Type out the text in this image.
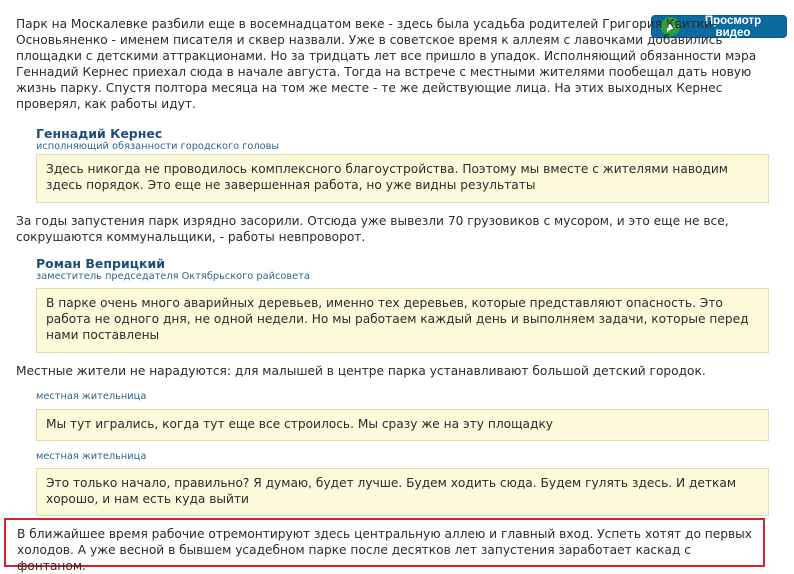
Просмотр видео

Парк на Москалевке разбили еще в восемнадцатом веке - здесь была усадьба родителей Григория Квитки-Основьяненко - именем писателя и сквер назвали. Уже в советское время к аллеям с лавочками добавились площадки с детскими аттракционами. Но за тридцать лет все пришло в упадок. Исполняющий обязанности мэра Геннадий Кернес приехал сюда в начале августа. Тогда на встрече с местными жителями пообещал дать новую жизнь парку. Спустя полтора месяца на том же месте - те же действующие лица. На этих выходных Кернес проверял, как работы идут.

Геннадий Кернес
исполняющий обязанности городского головы
Здесь никогда не проводилось комплексного благоустройства. Поэтому мы вместе с жителями наводим здесь порядок. Это еще не завершенная работа, но уже видны результаты

За годы запустения парк изрядно засорили. Отсюда уже вывезли 70 грузовиков с мусором, и это еще не все, сокрушаются коммунальщики, - работы невпроворот.

Роман Веприцкий
заместитель председателя Октябрьского райсовета
В парке очень много аварийных деревьев, именно тех деревьев, которые представляют опасность. Это работа не одного дня, не одной недели. Но мы работаем каждый день и выполняем задачи, которые перед нами поставлены

Местные жители не нарадуются: для малышей в центре парка устанавливают большой детский городок.

местная жительница
Мы тут игрались, когда тут еще все строилось. Мы сразу же на эту площадку
местная жительница
Это только начало, правильно? Я думаю, будет лучше. Будем ходить сюда. Будем гулять здесь. И деткам хорошо, и нам есть куда выйти
В ближайшее время рабочие отремонтируют здесь центральную аллею и главный вход. Успеть хотят до первых холодов. А уже весной в бывшем усадебном парке после десятков лет запустения заработает каскад с фонтаном.
